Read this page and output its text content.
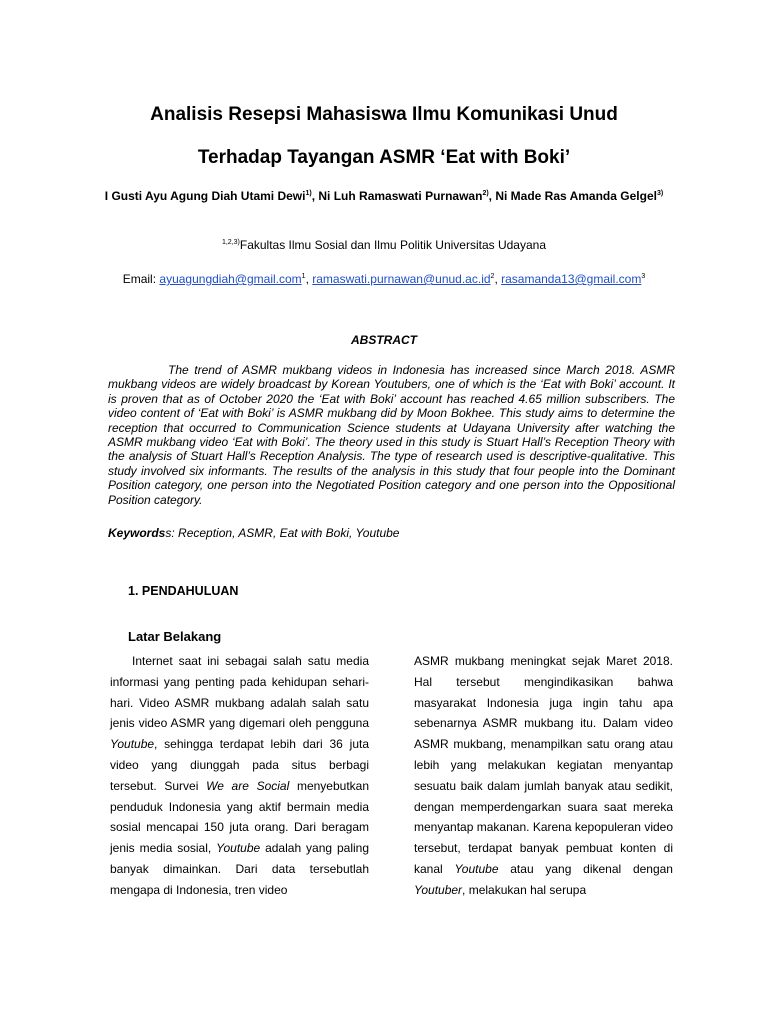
Analisis Resepsi Mahasiswa Ilmu Komunikasi Unud
Terhadap Tayangan ASMR ‘Eat with Boki’

I Gusti Ayu Agung Diah Utami Dewi$^{1)}$, Ni Luh Ramaswati Purnawan$^{2)}$, Ni Made Ras Amanda Gelgel$^{3)}$

$^{1,2,3)}$Fakultas Ilmu Sosial dan Ilmu Politik Universitas Udayana

Email: ayuagungdiah@gmail.com$^1$, $ramaswati.purnawan@unud.ac.id^2$, rasamanda13@gmail.com$^3$

ABSTRACT

The trend of ASMR mukbang videos in Indonesia has increased since March 2018. ASMR mukbang videos are widely broadcast by Korean Youtubers, one of which is the ‘Eat with Boki’ account. It is proven that as of October 2020 the ‘Eat with Boki’ account has reached 4.65 million subscribers. The video content of ‘Eat with Boki’ is ASMR mukbang did by Moon Bokhee. This study aims to determine the reception that occurred to Communication Science students at Udayana University after watching the ASMR mukbang video ‘Eat with Boki’. The theory used in this study is Stuart Hall’s Reception Theory with the analysis of Stuart Hall’s Reception Analysis. The type of research used is descriptive-qualitative. This study involved six informants. The results of the analysis in this study that four people into the Dominant Position category, one person into the Negotiated Position category and one person into the Oppositional Position category.

Keywordss: Reception, ASMR, Eat with Boki, Youtube

1. PENDAHULUAN
Latar Belakang

Internet saat ini sebagai salah satu media informasi yang penting pada kehidupan sehari-hari. Video ASMR mukbang adalah salah satu jenis video ASMR yang digemari oleh pengguna Youtube, sehingga terdapat lebih dari 36 juta video yang diunggah pada situs berbagi tersebut. Survei We are Social menyebutkan penduduk Indonesia yang aktif bermain media sosial mencapai 150 juta orang. Dari beragam jenis media sosial, Youtube adalah yang paling banyak dimainkan. Dari data tersebutlah mengapa di Indonesia, tren video

ASMR mukbang meningkat sejak Maret 2018. Hal tersebut mengindikasikan bahwa masyarakat Indonesia juga ingin tahu apa sebenarnya ASMR mukbang itu. Dalam video ASMR mukbang, menampilkan satu orang atau lebih yang melakukan kegiatan menyantap sesuatu baik dalam jumlah banyak atau sedikit, dengan memperdengarkan suara saat mereka menyantap makanan. Karena kepopuleran video tersebut, terdapat banyak pembuat konten di kanal Youtube atau yang dikenal dengan Youtuber, melakukan hal serupa
